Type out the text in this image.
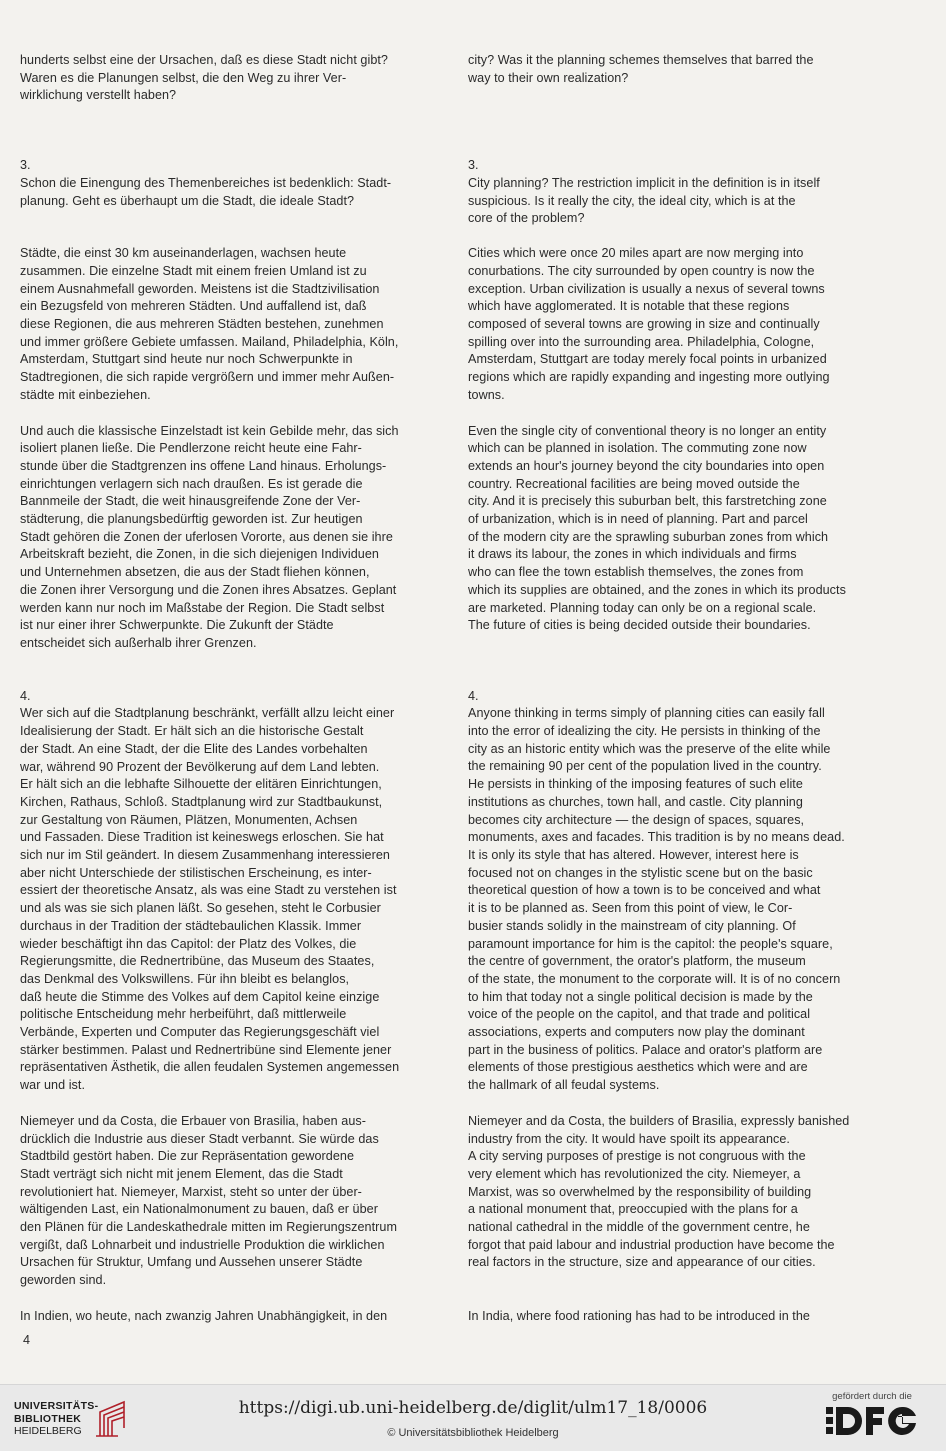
hunderts selbst eine der Ursachen, daß es diese Stadt nicht gibt?
Waren es die Planungen selbst, die den Weg zu ihrer Ver-
wirklichung verstellt haben?

3.

Schon die Einengung des Themenbereiches ist bedenklich: Stadt-
planung. Geht es überhaupt um die Stadt, die ideale Stadt?

Städte, die einst 30 km auseinanderlagen, wachsen heute
zusammen. Die einzelne Stadt mit einem freien Umland ist zu
einem Ausnahmefall geworden. Meistens ist die Stadtzivilisation
ein Bezugsfeld von mehreren Städten. Und auffallend ist, daß
diese Regionen, die aus mehreren Städten bestehen, zunehmen
und immer größere Gebiete umfassen. Mailand, Philadelphia, Köln,
Amsterdam, Stuttgart sind heute nur noch Schwerpunkte in
Stadtregionen, die sich rapide vergrößern und immer mehr Außen-
städte mit einbeziehen.

Und auch die klassische Einzelstadt ist kein Gebilde mehr, das sich
isoliert planen ließe. Die Pendlerzone reicht heute eine Fahr-
stunde über die Stadtgrenzen ins offene Land hinaus. Erholungs-
einrichtungen verlagern sich nach draußen. Es ist gerade die
Bannmeile der Stadt, die weit hinausgreifende Zone der Ver-
städterung, die planungsbedürftig geworden ist. Zur heutigen
Stadt gehören die Zonen der uferlosen Vororte, aus denen sie ihre
Arbeitskraft bezieht, die Zonen, in die sich diejenigen Individuen
und Unternehmen absetzen, die aus der Stadt fliehen können,
die Zonen ihrer Versorgung und die Zonen ihres Absatzes. Geplant
werden kann nur noch im Maßstabe der Region. Die Stadt selbst
ist nur einer ihrer Schwerpunkte. Die Zukunft der Städte
entscheidet sich außerhalb ihrer Grenzen.

4.

Wer sich auf die Stadtplanung beschränkt, verfällt allzu leicht einer
Idealisierung der Stadt. Er hält sich an die historische Gestalt
der Stadt. An eine Stadt, der die Elite des Landes vorbehalten
war, während 90 Prozent der Bevölkerung auf dem Land lebten.
Er hält sich an die lebhafte Silhouette der elitären Einrichtungen,
Kirchen, Rathaus, Schloß. Stadtplanung wird zur Stadtbaukunst,
zur Gestaltung von Räumen, Plätzen, Monumenten, Achsen
und Fassaden. Diese Tradition ist keineswegs erloschen. Sie hat
sich nur im Stil geändert. In diesem Zusammenhang interessieren
aber nicht Unterschiede der stilistischen Erscheinung, es inter-
essiert der theoretische Ansatz, als was eine Stadt zu verstehen ist
und als was sie sich planen läßt. So gesehen, steht le Corbusier
durchaus in der Tradition der städtebaulichen Klassik. Immer
wieder beschäftigt ihn das Capitol: der Platz des Volkes, die
Regierungsmitte, die Rednertribüne, das Museum des Staates,
das Denkmal des Volkswillens. Für ihn bleibt es belanglos,
daß heute die Stimme des Volkes auf dem Capitol keine einzige
politische Entscheidung mehr herbeiführt, daß mittlerweile
Verbände, Experten und Computer das Regierungsgeschäft viel
stärker bestimmen. Palast und Rednertribüne sind Elemente jener
repräsentativen Ästhetik, die allen feudalen Systemen angemessen
war und ist.

Niemeyer und da Costa, die Erbauer von Brasilia, haben aus-
drücklich die Industrie aus dieser Stadt verbannt. Sie würde das
Stadtbild gestört haben. Die zur Repräsentation gewordene
Stadt verträgt sich nicht mit jenem Element, das die Stadt
revolutioniert hat. Niemeyer, Marxist, steht so unter der über-
wältigenden Last, ein Nationalmonument zu bauen, daß er über
den Plänen für die Landeskathedrale mitten im Regierungszentrum
vergißt, daß Lohnarbeit und industrielle Produktion die wirklichen
Ursachen für Struktur, Umfang und Aussehen unserer Städte
geworden sind.

In Indien, wo heute, nach zwanzig Jahren Unabhängigkeit, in den

city? Was it the planning schemes themselves that barred the
way to their own realization?

3.

City planning? The restriction implicit in the definition is in itself
suspicious. Is it really the city, the ideal city, which is at the
core of the problem?

Cities which were once 20 miles apart are now merging into
conurbations. The city surrounded by open country is now the
exception. Urban civilization is usually a nexus of several towns
which have agglomerated. It is notable that these regions
composed of several towns are growing in size and continually
spilling over into the surrounding area. Philadelphia, Cologne,
Amsterdam, Stuttgart are today merely focal points in urbanized
regions which are rapidly expanding and ingesting more outlying
towns.

Even the single city of conventional theory is no longer an entity
which can be planned in isolation. The commuting zone now
extends an hour's journey beyond the city boundaries into open
country. Recreational facilities are being moved outside the
city. And it is precisely this suburban belt, this farstretching zone
of urbanization, which is in need of planning. Part and parcel
of the modern city are the sprawling suburban zones from which
it draws its labour, the zones in which individuals and firms
who can flee the town establish themselves, the zones from
which its supplies are obtained, and the zones in which its products
are marketed. Planning today can only be on a regional scale.
The future of cities is being decided outside their boundaries.

4.

Anyone thinking in terms simply of planning cities can easily fall
into the error of idealizing the city. He persists in thinking of the
city as an historic entity which was the preserve of the elite while
the remaining 90 per cent of the population lived in the country.
He persists in thinking of the imposing features of such elite
institutions as churches, town hall, and castle. City planning
becomes city architecture — the design of spaces, squares,
monuments, axes and facades. This tradition is by no means dead.
It is only its style that has altered. However, interest here is
focused not on changes in the stylistic scene but on the basic
theoretical question of how a town is to be conceived and what
it is to be planned as. Seen from this point of view, le Cor-
busier stands solidly in the mainstream of city planning. Of
paramount importance for him is the capitol: the people's square,
the centre of government, the orator's platform, the museum
of the state, the monument to the corporate will. It is of no concern
to him that today not a single political decision is made by the
voice of the people on the capitol, and that trade and political
associations, experts and computers now play the dominant
part in the business of politics. Palace and orator's platform are
elements of those prestigious aesthetics which were and are
the hallmark of all feudal systems.

Niemeyer and da Costa, the builders of Brasilia, expressly banished
industry from the city. It would have spoilt its appearance.
A city serving purposes of prestige is not congruous with the
very element which has revolutionized the city. Niemeyer, a
Marxist, was so overwhelmed by the responsibility of building
a national monument that, preoccupied with the plans for a
national cathedral in the middle of the government centre, he
forgot that paid labour and industrial production have become the
real factors in the structure, size and appearance of our cities.

In India, where food rationing has had to be introduced in the

4
UNIVERSITÄTS-
BIBLIOTHEK
HEIDELBERG
https://digi.ub.uni-heidelberg.de/diglit/ulm17_18/0006
© Universitätsbibliothek Heidelberg
gefördert durch die
